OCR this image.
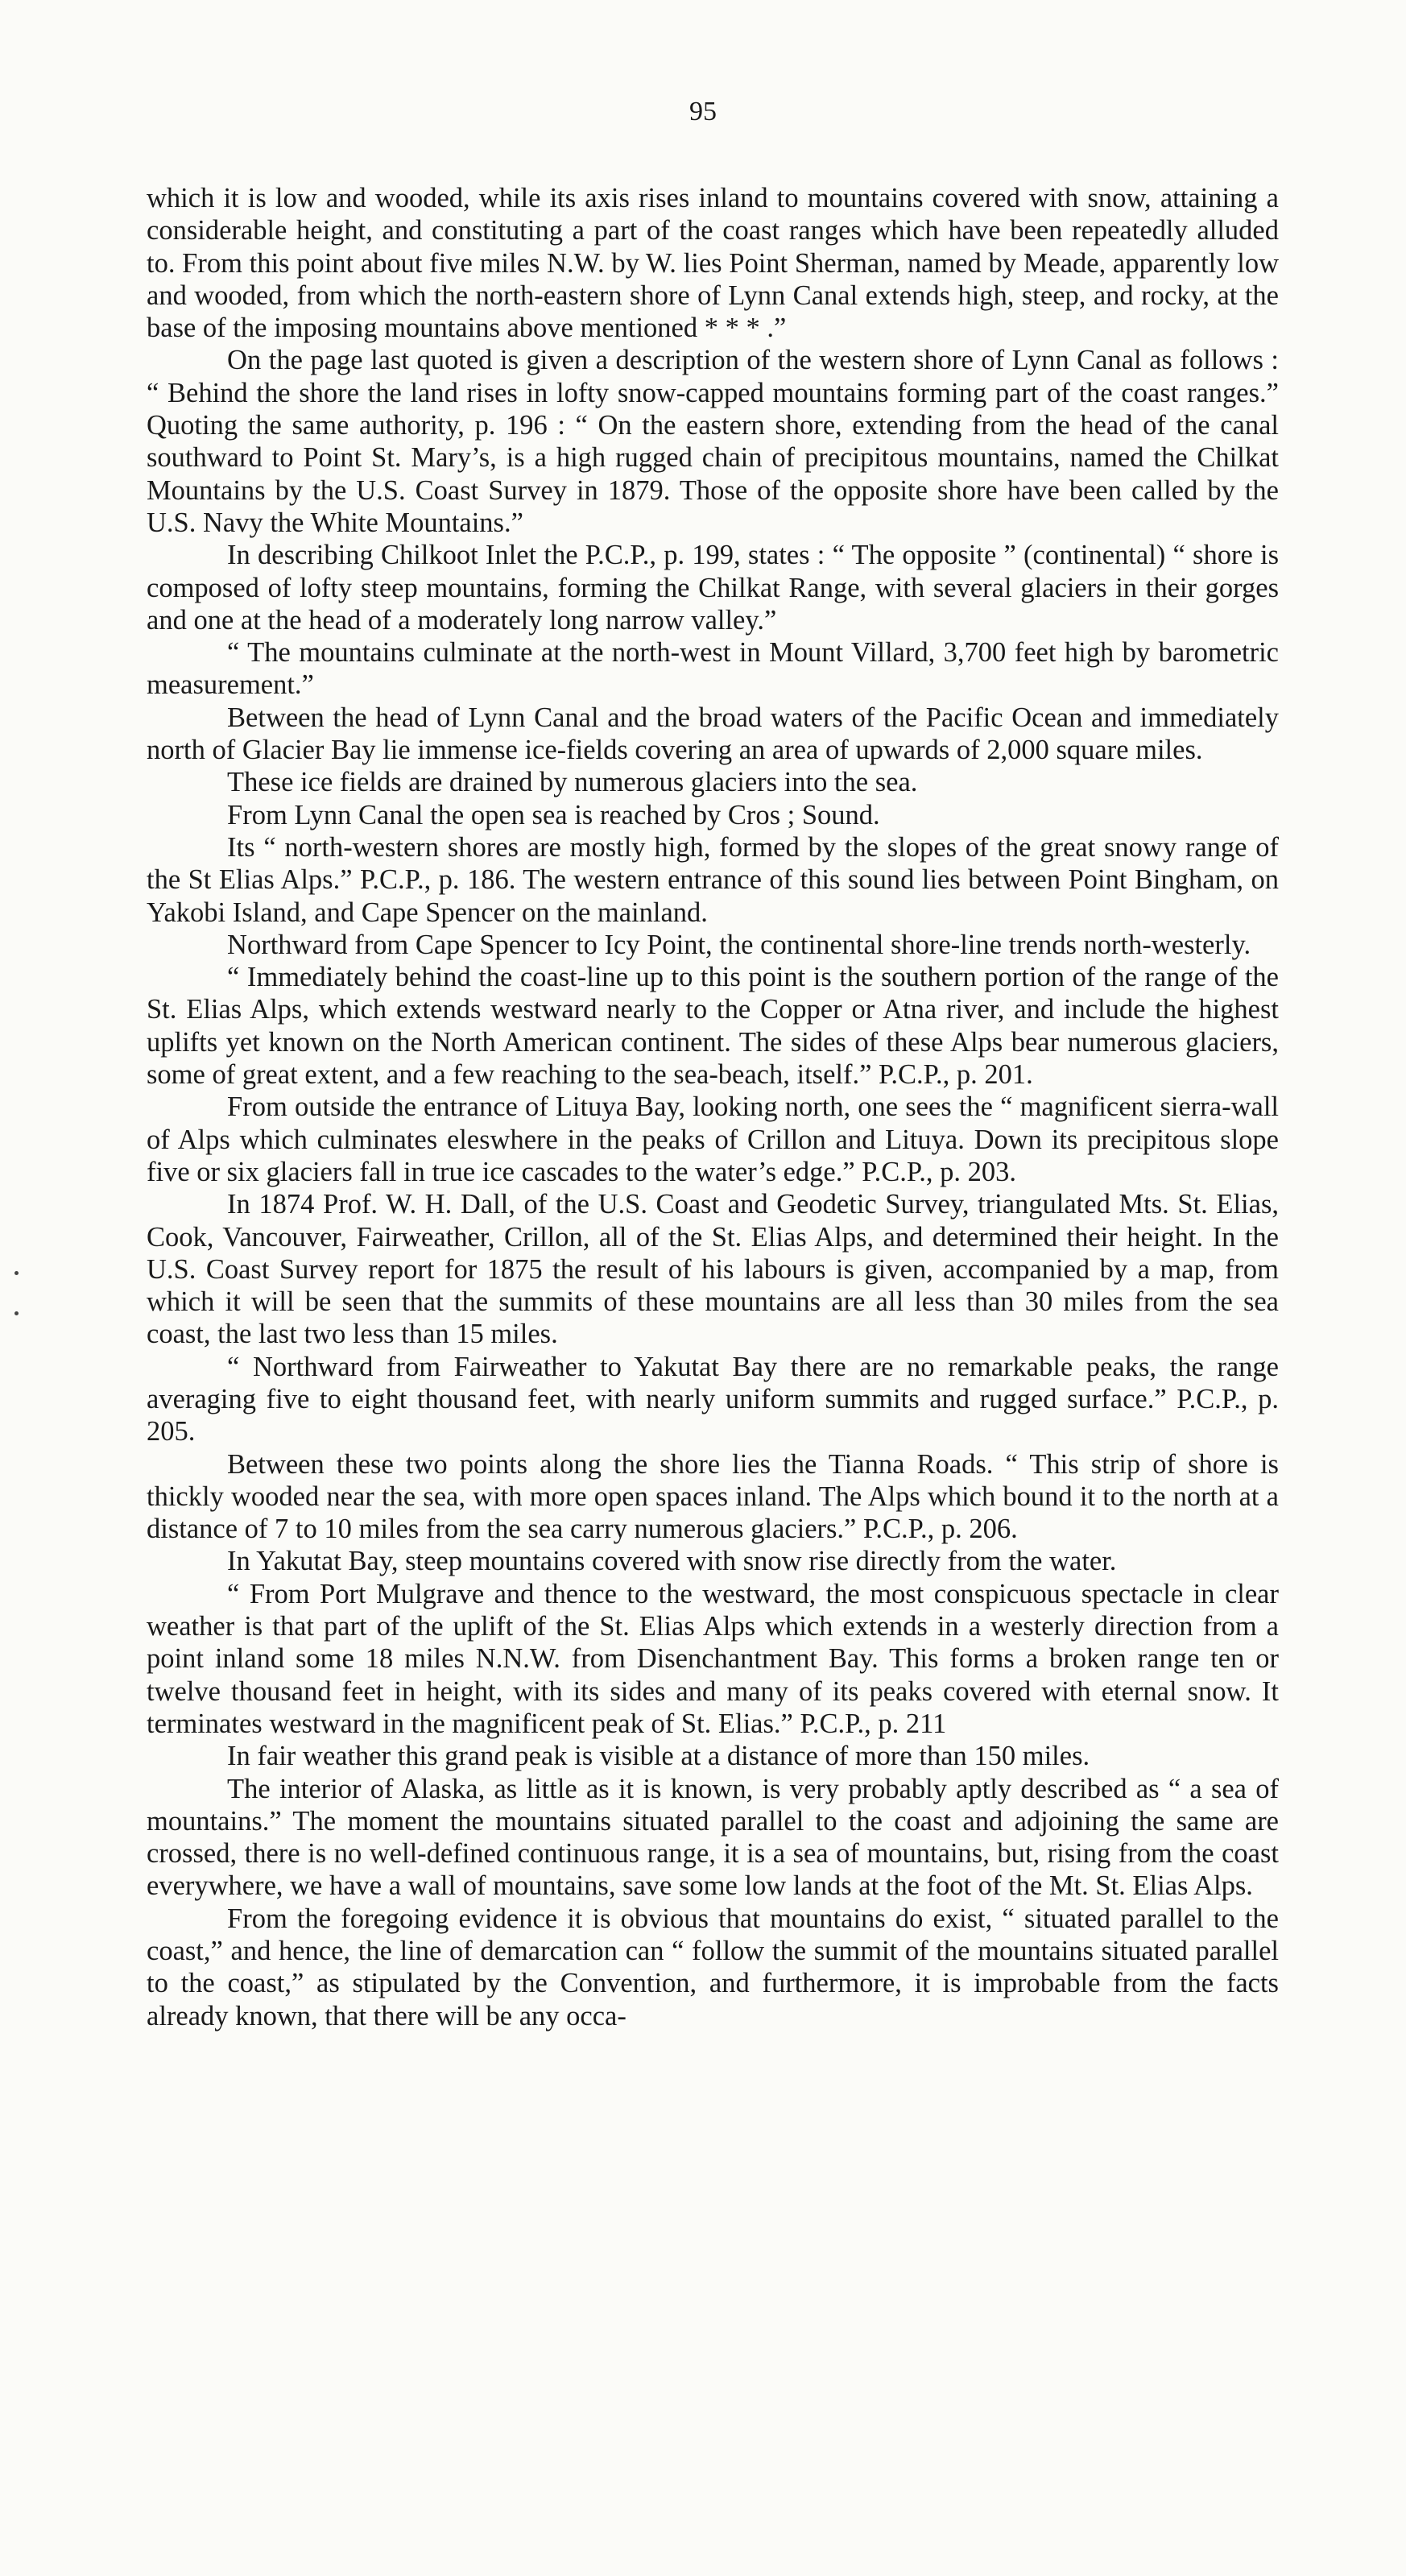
95

which it is low and wooded, while its axis rises inland to mountains covered with snow, attaining a considerable height, and constituting a part of the coast ranges which have been repeatedly alluded to. From this point about five miles N.W. by W. lies Point Sherman, named by Meade, apparently low and wooded, from which the north-eastern shore of Lynn Canal extends high, steep, and rocky, at the base of the imposing mountains above mentioned * * * .”

On the page last quoted is given a description of the western shore of Lynn Canal as follows : “ Behind the shore the land rises in lofty snow-capped mountains forming part of the coast ranges.” Quoting the same authority, p. 196 : “ On the eastern shore, extending from the head of the canal southward to Point St. Mary’s, is a high rugged chain of precipitous mountains, named the Chilkat Mountains by the U.S. Coast Survey in 1879. Those of the opposite shore have been called by the U.S. Navy the White Mountains.”

In describing Chilkoot Inlet the P.C.P., p. 199, states : “ The opposite ” (continental) “ shore is composed of lofty steep mountains, forming the Chilkat Range, with several glaciers in their gorges and one at the head of a moderately long narrow valley.”

“ The mountains culminate at the north-west in Mount Villard, 3,700 feet high by barometric measurement.”

Between the head of Lynn Canal and the broad waters of the Pacific Ocean and immediately north of Glacier Bay lie immense ice-fields covering an area of upwards of 2,000 square miles.

These ice fields are drained by numerous glaciers into the sea.

From Lynn Canal the open sea is reached by Cros ; Sound.

Its “ north-western shores are mostly high, formed by the slopes of the great snowy range of the St Elias Alps.” P.C.P., p. 186. The western entrance of this sound lies between Point Bingham, on Yakobi Island, and Cape Spencer on the mainland.

Northward from Cape Spencer to Icy Point, the continental shore-line trends north-westerly.

“ Immediately behind the coast-line up to this point is the southern portion of the range of the St. Elias Alps, which extends westward nearly to the Copper or Atna river, and include the highest uplifts yet known on the North American continent. The sides of these Alps bear numerous glaciers, some of great extent, and a few reaching to the sea-beach, itself.” P.C.P., p. 201.

From outside the entrance of Lituya Bay, looking north, one sees the “ magnificent sierra-wall of Alps which culminates eleswhere in the peaks of Crillon and Lituya. Down its precipitous slope five or six glaciers fall in true ice cascades to the water’s edge.” P.C.P., p. 203.

In 1874 Prof. W. H. Dall, of the U.S. Coast and Geodetic Survey, triangulated Mts. St. Elias, Cook, Vancouver, Fairweather, Crillon, all of the St. Elias Alps, and determined their height. In the U.S. Coast Survey report for 1875 the result of his labours is given, accompanied by a map, from which it will be seen that the summits of these mountains are all less than 30 miles from the sea coast, the last two less than 15 miles.

“ Northward from Fairweather to Yakutat Bay there are no remarkable peaks, the range averaging five to eight thousand feet, with nearly uniform summits and rugged surface.” P.C.P., p. 205.

Between these two points along the shore lies the Tianna Roads. “ This strip of shore is thickly wooded near the sea, with more open spaces inland. The Alps which bound it to the north at a distance of 7 to 10 miles from the sea carry numerous glaciers.” P.C.P., p. 206.

In Yakutat Bay, steep mountains covered with snow rise directly from the water.

“ From Port Mulgrave and thence to the westward, the most conspicuous spectacle in clear weather is that part of the uplift of the St. Elias Alps which extends in a westerly direction from a point inland some 18 miles N.N.W. from Disenchantment Bay. This forms a broken range ten or twelve thousand feet in height, with its sides and many of its peaks covered with eternal snow. It terminates westward in the magnificent peak of St. Elias.” P.C.P., p. 211

In fair weather this grand peak is visible at a distance of more than 150 miles.

The interior of Alaska, as little as it is known, is very probably aptly described as “ a sea of mountains.” The moment the mountains situated parallel to the coast and adjoining the same are crossed, there is no well-defined continuous range, it is a sea of mountains, but, rising from the coast everywhere, we have a wall of mountains, save some low lands at the foot of the Mt. St. Elias Alps.

From the foregoing evidence it is obvious that mountains do exist, “ situated parallel to the coast,” and hence, the line of demarcation can “ follow the summit of the mountains situated parallel to the coast,” as stipulated by the Convention, and furthermore, it is improbable from the facts already known, that there will be any occa-
